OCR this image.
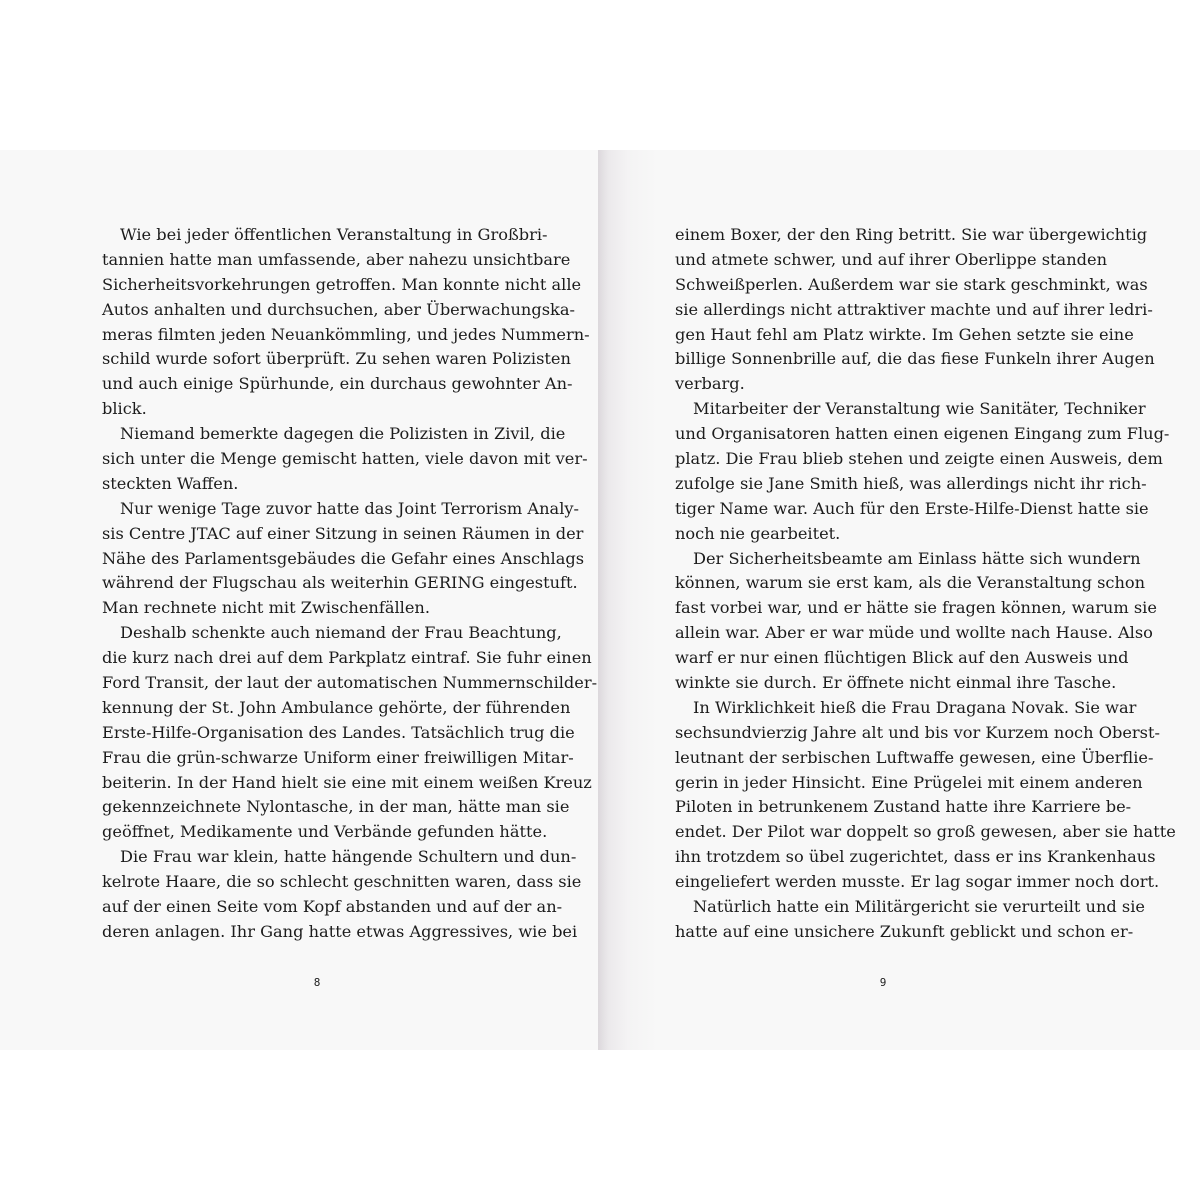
Wie bei jeder öffentlichen Veranstaltung in Großbri-
tannien hatte man umfassende, aber nahezu unsichtbare
Sicherheitsvorkehrungen getroffen. Man konnte nicht alle
Autos anhalten und durchsuchen, aber Überwachungska-
meras filmten jeden Neuankömmling, und jedes Nummern-
schild wurde sofort überprüft. Zu sehen waren Polizisten
und auch einige Spürhunde, ein durchaus gewohnter An-
blick.
Niemand bemerkte dagegen die Polizisten in Zivil, die
sich unter die Menge gemischt hatten, viele davon mit ver-
steckten Waffen.
Nur wenige Tage zuvor hatte das Joint Terrorism Analy-
sis Centre JTAC auf einer Sitzung in seinen Räumen in der
Nähe des Parlamentsgebäudes die Gefahr eines Anschlags
während der Flugschau als weiterhin GERING eingestuft.
Man rechnete nicht mit Zwischenfällen.
Deshalb schenkte auch niemand der Frau Beachtung,
die kurz nach drei auf dem Parkplatz eintraf. Sie fuhr einen
Ford Transit, der laut der automatischen Nummernschilder-
kennung der St. John Ambulance gehörte, der führenden
Erste-Hilfe-Organisation des Landes. Tatsächlich trug die
Frau die grün-schwarze Uniform einer freiwilligen Mitar-
beiterin. In der Hand hielt sie eine mit einem weißen Kreuz
gekennzeichnete Nylontasche, in der man, hätte man sie
geöffnet, Medikamente und Verbände gefunden hätte.
Die Frau war klein, hatte hängende Schultern und dun-
kelrote Haare, die so schlecht geschnitten waren, dass sie
auf der einen Seite vom Kopf abstanden und auf der an-
deren anlagen. Ihr Gang hatte etwas Aggressives, wie bei
8
einem Boxer, der den Ring betritt. Sie war übergewichtig
und atmete schwer, und auf ihrer Oberlippe standen
Schweißperlen. Außerdem war sie stark geschminkt, was
sie allerdings nicht attraktiver machte und auf ihrer ledri-
gen Haut fehl am Platz wirkte. Im Gehen setzte sie eine
billige Sonnenbrille auf, die das fiese Funkeln ihrer Augen
verbarg.
Mitarbeiter der Veranstaltung wie Sanitäter, Techniker
und Organisatoren hatten einen eigenen Eingang zum Flug-
platz. Die Frau blieb stehen und zeigte einen Ausweis, dem
zufolge sie Jane Smith hieß, was allerdings nicht ihr rich-
tiger Name war. Auch für den Erste-Hilfe-Dienst hatte sie
noch nie gearbeitet.
Der Sicherheitsbeamte am Einlass hätte sich wundern
können, warum sie erst kam, als die Veranstaltung schon
fast vorbei war, und er hätte sie fragen können, warum sie
allein war. Aber er war müde und wollte nach Hause. Also
warf er nur einen flüchtigen Blick auf den Ausweis und
winkte sie durch. Er öffnete nicht einmal ihre Tasche.
In Wirklichkeit hieß die Frau Dragana Novak. Sie war
sechsundvierzig Jahre alt und bis vor Kurzem noch Oberst-
leutnant der serbischen Luftwaffe gewesen, eine Überflie-
gerin in jeder Hinsicht. Eine Prügelei mit einem anderen
Piloten in betrunkenem Zustand hatte ihre Karriere be-
endet. Der Pilot war doppelt so groß gewesen, aber sie hatte
ihn trotzdem so übel zugerichtet, dass er ins Krankenhaus
eingeliefert werden musste. Er lag sogar immer noch dort.
Natürlich hatte ein Militärgericht sie verurteilt und sie
hatte auf eine unsichere Zukunft geblickt und schon er-
9
